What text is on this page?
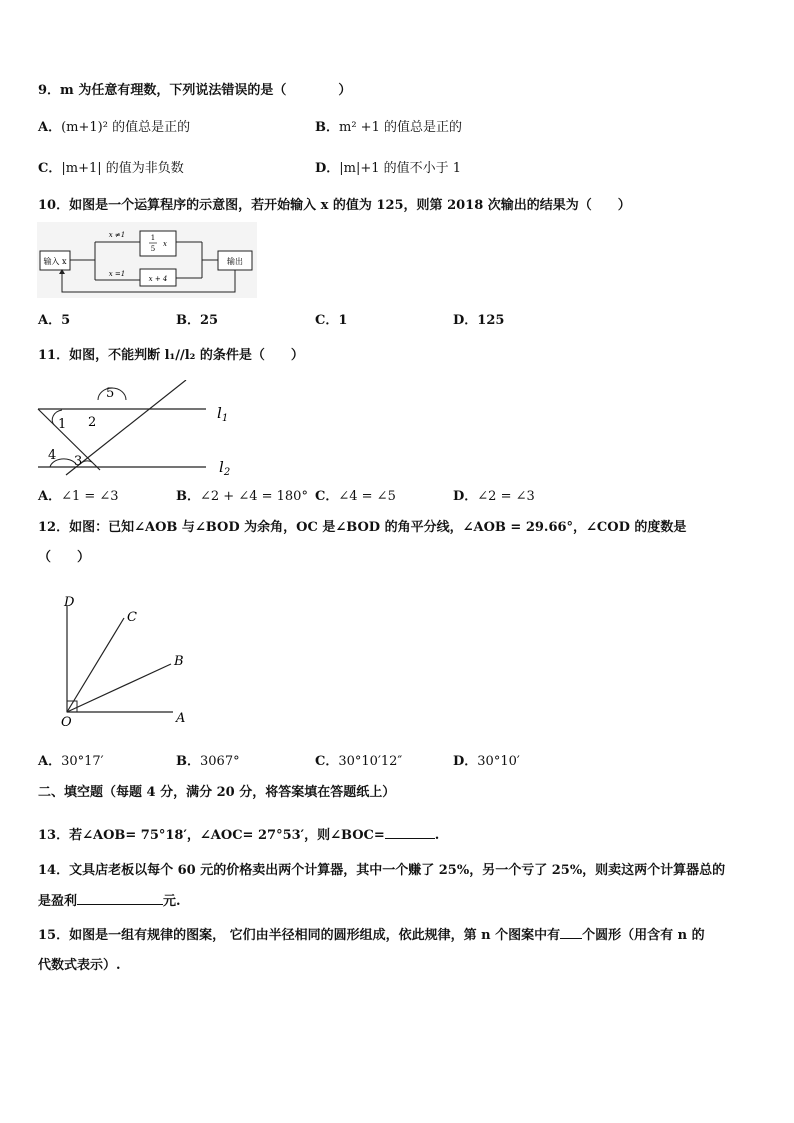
9．m 为任意有理数，下列说法错误的是（　　　　）
A．(m+1)² 的值总是正的	B．m² +1 的值总是正的
C．|m+1| 的值为非负数	D．|m|+1 的值不小于 1
10．如图是一个运算程序的示意图，若开始输入 x 的值为 125，则第 2018 次输出的结果为（　　）
输入 x
x ≠1
x =1
1
5
x
x + 4
输出
A．5	B．25	C．1	D．125
11．如图，不能判断 l₁//l₂ 的条件是（　　）
5
1 2
4 3
$l_1$
$l_2$
A．∠1 = ∠3	B．∠2 + ∠4 = 180° C．∠4 = ∠5	D．∠2 = ∠3
12．如图：已知∠AOB 与∠BOD 为余角，OC 是∠BOD 的角平分线，∠AOB = 29.66°，∠COD 的度数是
（　　）
D
C
B
O	A
A．30°17′	B．3067°	C．30°10′12″	D．30°10′
二、填空题（每题 4 分，满分 20 分，将答案填在答题纸上）
13．若∠AOB= 75°18′，∠AOC= 27°53′，则∠BOC=	.
14．文具店老板以每个 60 元的价格卖出两个计算器，其中一个赚了 25%，另一个亏了 25%，则卖这两个计算器总的
是盈利	元.
15．如图是一组有规律的图案， 它们由半径相同的圆形组成，依此规律，第 n 个图案中有 个圆形（用含有 n 的
代数式表示）.
